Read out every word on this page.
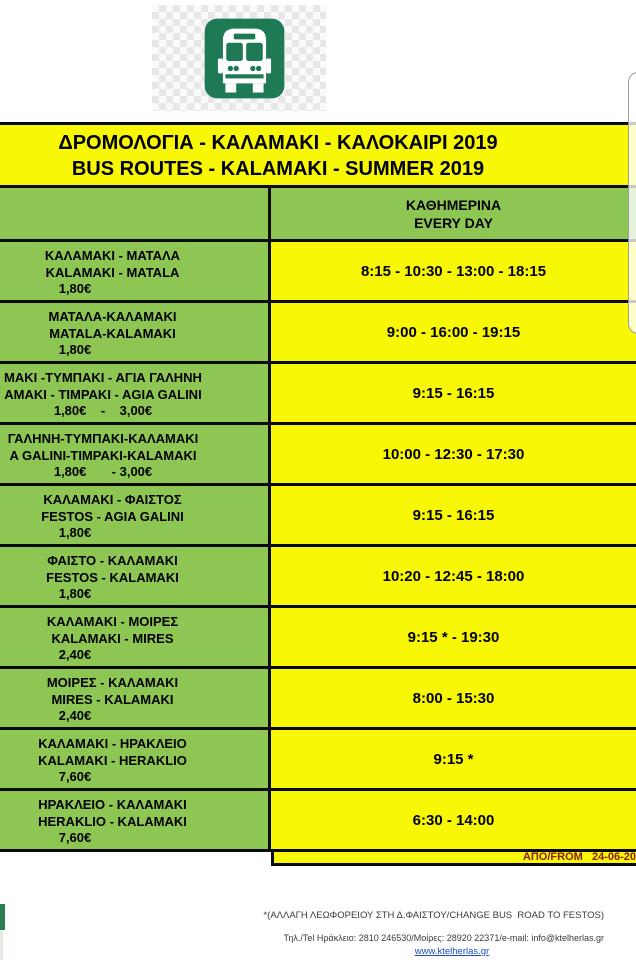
ΔΡΟΜΟΛΟΓΙΑ - ΚΑΛΑΜΑΚΙ - ΚΑΛΟΚΑΙΡΙ 2019
BUS ROUTES - KALAMAKI - SUMMER 2019
ΚΑΘΗΜΕΡΙΝΑ
EVERY DAY
ΚΑΛΑΜΑΚΙ - ΜΑΤΑΛΑ
KALAMAKI - MATALA
1,80€
8:15 - 10:30 - 13:00 - 18:15
ΜΑΤΑΛΑ-ΚΑΛΑΜΑΚΙ
MATALA-KALAMAKI
1,80€
9:00 - 16:00 - 19:15
ΜΑΚΙ -ΤΥΜΠΑΚΙ - ΑΓΙΑ ΓΑΛΗΝΗ
AMAKI - TIMPAKI - AGIA GALINI
1,80€    -    3,00€
9:15 - 16:15
ΓΑΛΗΝΗ-ΤΥΜΠΑΚΙ-ΚΑΛΑΜΑΚΙ
A GALINI-TIMPAKI-KALAMAKI
1,80€       - 3,00€
10:00 - 12:30 - 17:30
ΚΑΛΑΜΑΚΙ - ΦΑΙΣΤΟΣ
FESTOS - AGIA GALINI
1,80€
9:15 - 16:15
ΦΑΙΣΤΟ - ΚΑΛΑΜΑΚΙ
FESTOS - KALAMAKI
1,80€
10:20 - 12:45 - 18:00
ΚΑΛΑΜΑΚΙ - ΜΟΙΡΕΣ
KALAMAKI - MIRES
2,40€
9:15 * - 19:30
ΜΟΙΡΕΣ - ΚΑΛΑΜΑΚΙ
MIRES - KALAMAKI
2,40€
8:00 - 15:30
ΚΑΛΑΜΑΚΙ - ΗΡΑΚΛΕΙΟ
KALAMAKI - HERAKLIO
7,60€
9:15 *
ΗΡΑΚΛΕΙΟ - ΚΑΛΑΜΑΚΙ
HERAKLIO - KALAMAKI
7,60€
6:30 - 14:00
ΑΠΟ/FROM   24-06-20
*(ΑΛΛΑΓΗ ΛΕΩΦΟΡΕΙΟΥ ΣΤΗ Δ.ΦΑΙΣΤΟΥ/CHANGE BUS  ROAD TO FESTOS)
Τηλ./Tel Ηράκλειο: 2810 246530/Μοίρες: 28920 22371/e-mail: info@ktelherlas.gr
www.ktelherlas.gr
